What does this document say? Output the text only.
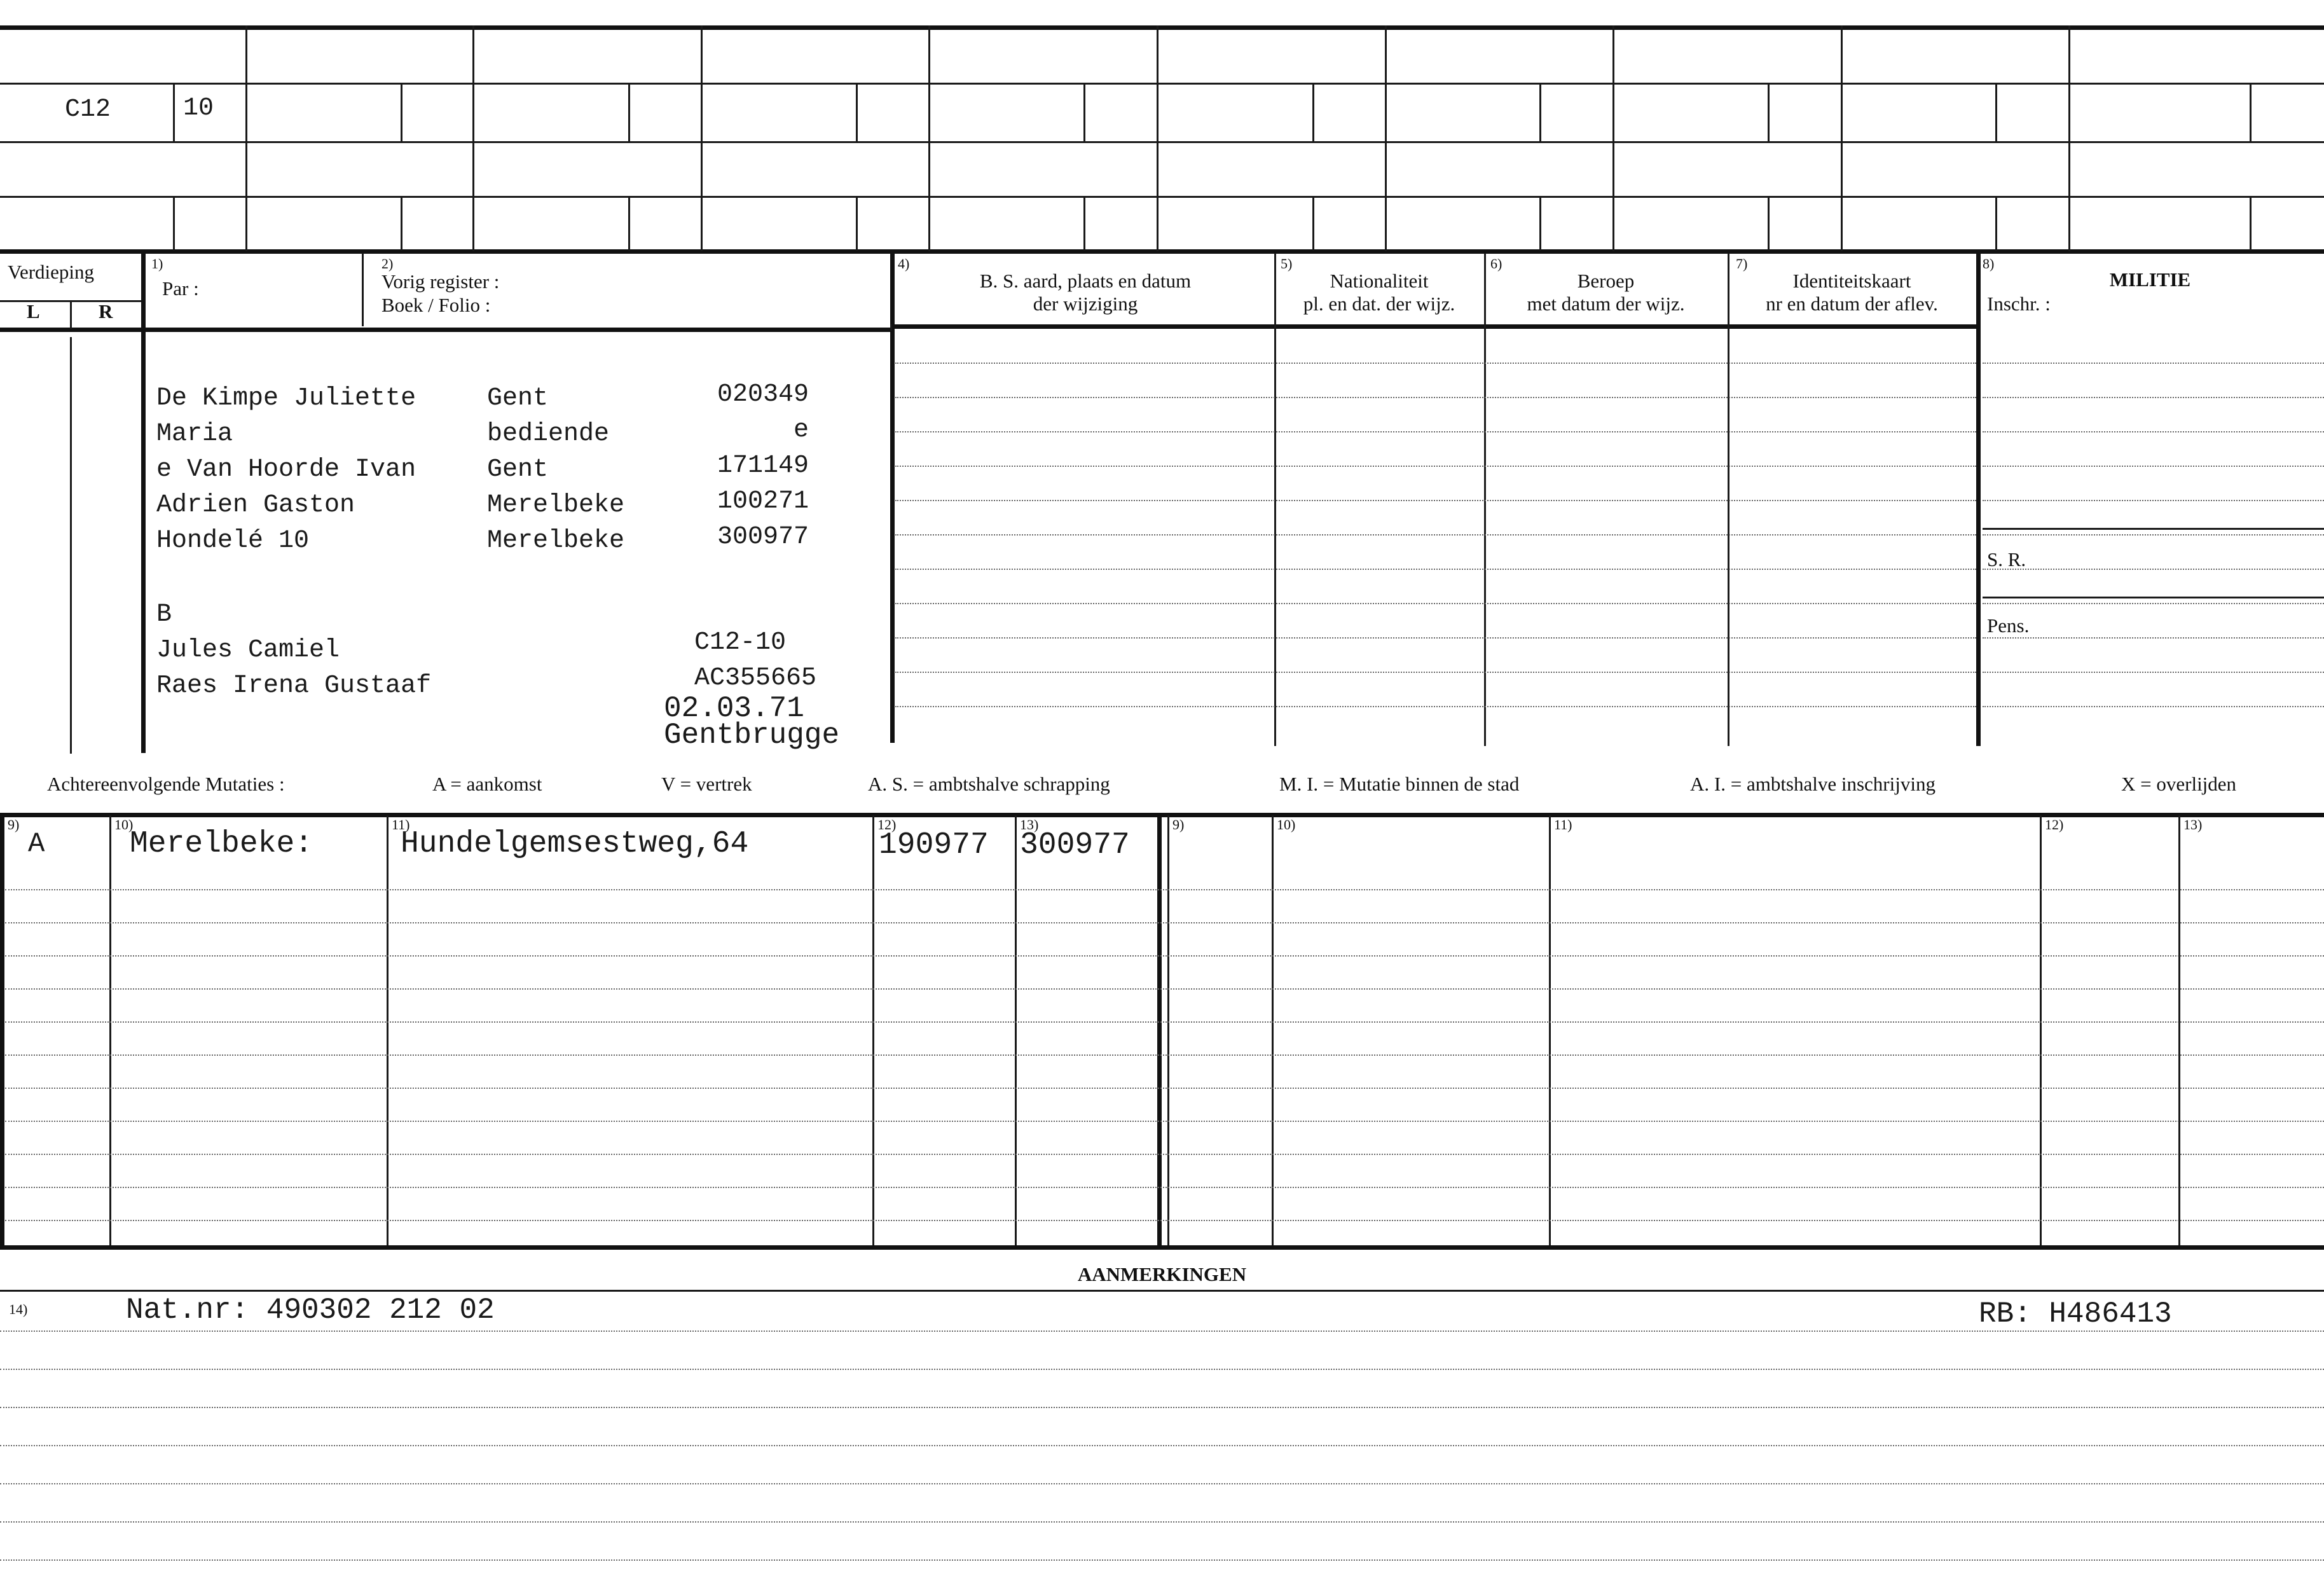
C12	10
Verdieping
L	R
1)
Par :
2)
Vorig register :
Boek / Folio :
4)
B. S. aard, plaats en datum
der wijziging
5)
Nationaliteit
pl. en dat. der wijz.
6)
Beroep
met datum der wijz.
7)
Identiteitskaart
nr en datum der aflev.
8)
MILITIE
Inschr. :
De Kimpe Juliette	Gent	020349
Maria	bediende	e
e Van Hoorde Ivan	Gent	171149
Adrien Gaston	Merelbeke	100271
Hondelé 10	Merelbeke	300977
B
Jules Camiel	C12-10
Raes Irena Gustaaf	AC355665
02.03.71
Gentbrugge
S. R.
Pens.
Achtereenvolgende Mutaties :	A = aankomst	V = vertrek	A. S. = ambtshalve schrapping	M. I. = Mutatie binnen de stad	A. I. = ambtshalve inschrijving	X = overlijden
9)	10)	11)	12)	13)	9)	10)	11)	12)	13)
A	Merelbeke:	Hundelgemsestweg,64	190977 300977
AANMERKINGEN
14)	Nat.nr: 490302 212 02	RB: H486413
